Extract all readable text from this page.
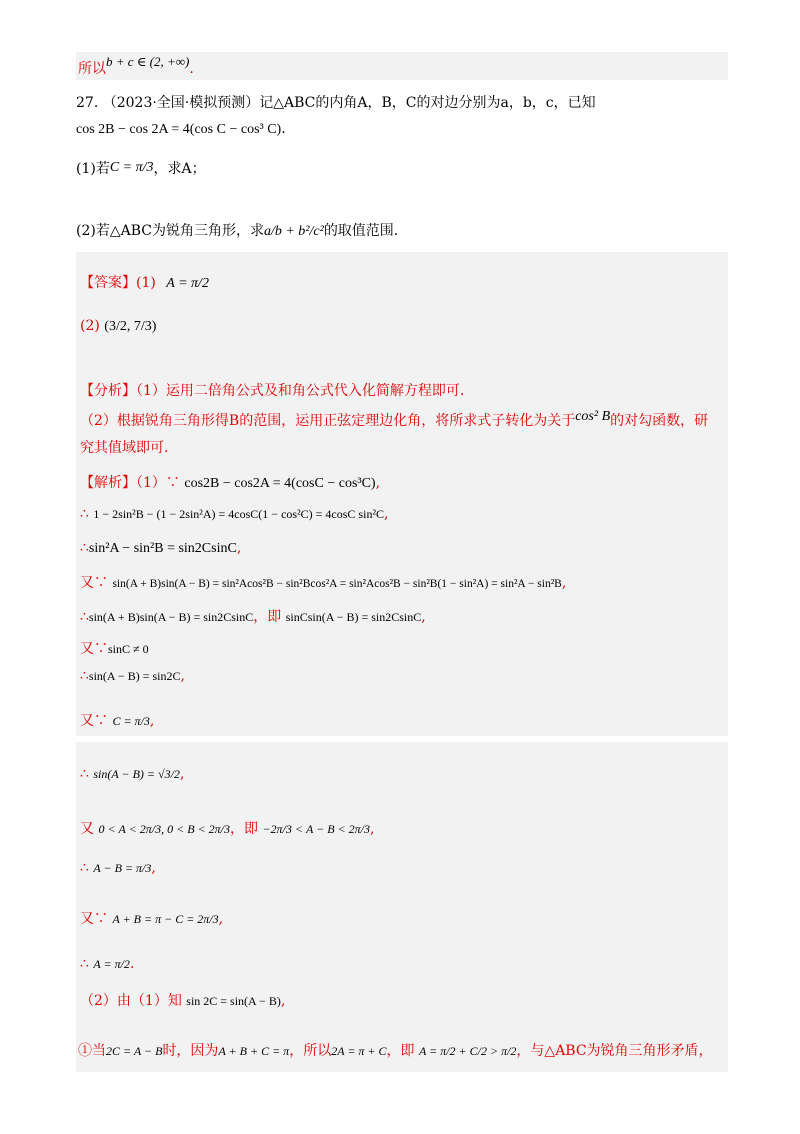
所以b + c ∈ (2, +∞).
27. （2023·全国·模拟预测）记△ABC的内角A，B，C的对边分别为a，b，c，已知
cos 2B − cos 2A = 4(cos C − cos³ C).
(1)若C = π/3，求A；
(2)若△ABC为锐角三角形，求a/b + b²/c²的取值范围.
【答案】(1) A = π/2
(2) (3/2, 7/3)
【分析】（1）运用二倍角公式及和角公式代入化简解方程即可.
（2）根据锐角三角形得B的范围，运用正弦定理边化角，将所求式子转化为关于cos² B的对勾函数，研
究其值域即可.
【解析】（1）∵ cos2B − cos2A = 4(cosC − cos³C),
∴ 1 − 2sin²B − (1 − 2sin²A) = 4cosC(1 − cos²C) = 4cosC sin²C,
∴sin²A − sin²B = sin2CsinC,
又∵ sin(A + B)sin(A − B) = sin²Acos²B − sin²Bcos²A = sin²Acos²B − sin²B(1 − sin²A) = sin²A − sin²B,
∴sin(A + B)sin(A − B) = sin2CsinC，即 sinCsin(A − B) = sin2CsinC,
又∵sinC ≠ 0
∴sin(A − B) = sin2C,
又∵ C = π/3,
∴ sin(A − B) = √3/2,
又 0 < A < 2π/3, 0 < B < 2π/3，即 −2π/3 < A − B < 2π/3,
∴ A − B = π/3,
又∵ A + B = π − C = 2π/3,
∴ A = π/2.
（2）由（1）知 sin 2C = sin(A − B),
①当2C = A − B时，因为A + B + C = π，所以2A = π + C，即 A = π/2 + C/2 > π/2，与△ABC为锐角三角形矛盾，
